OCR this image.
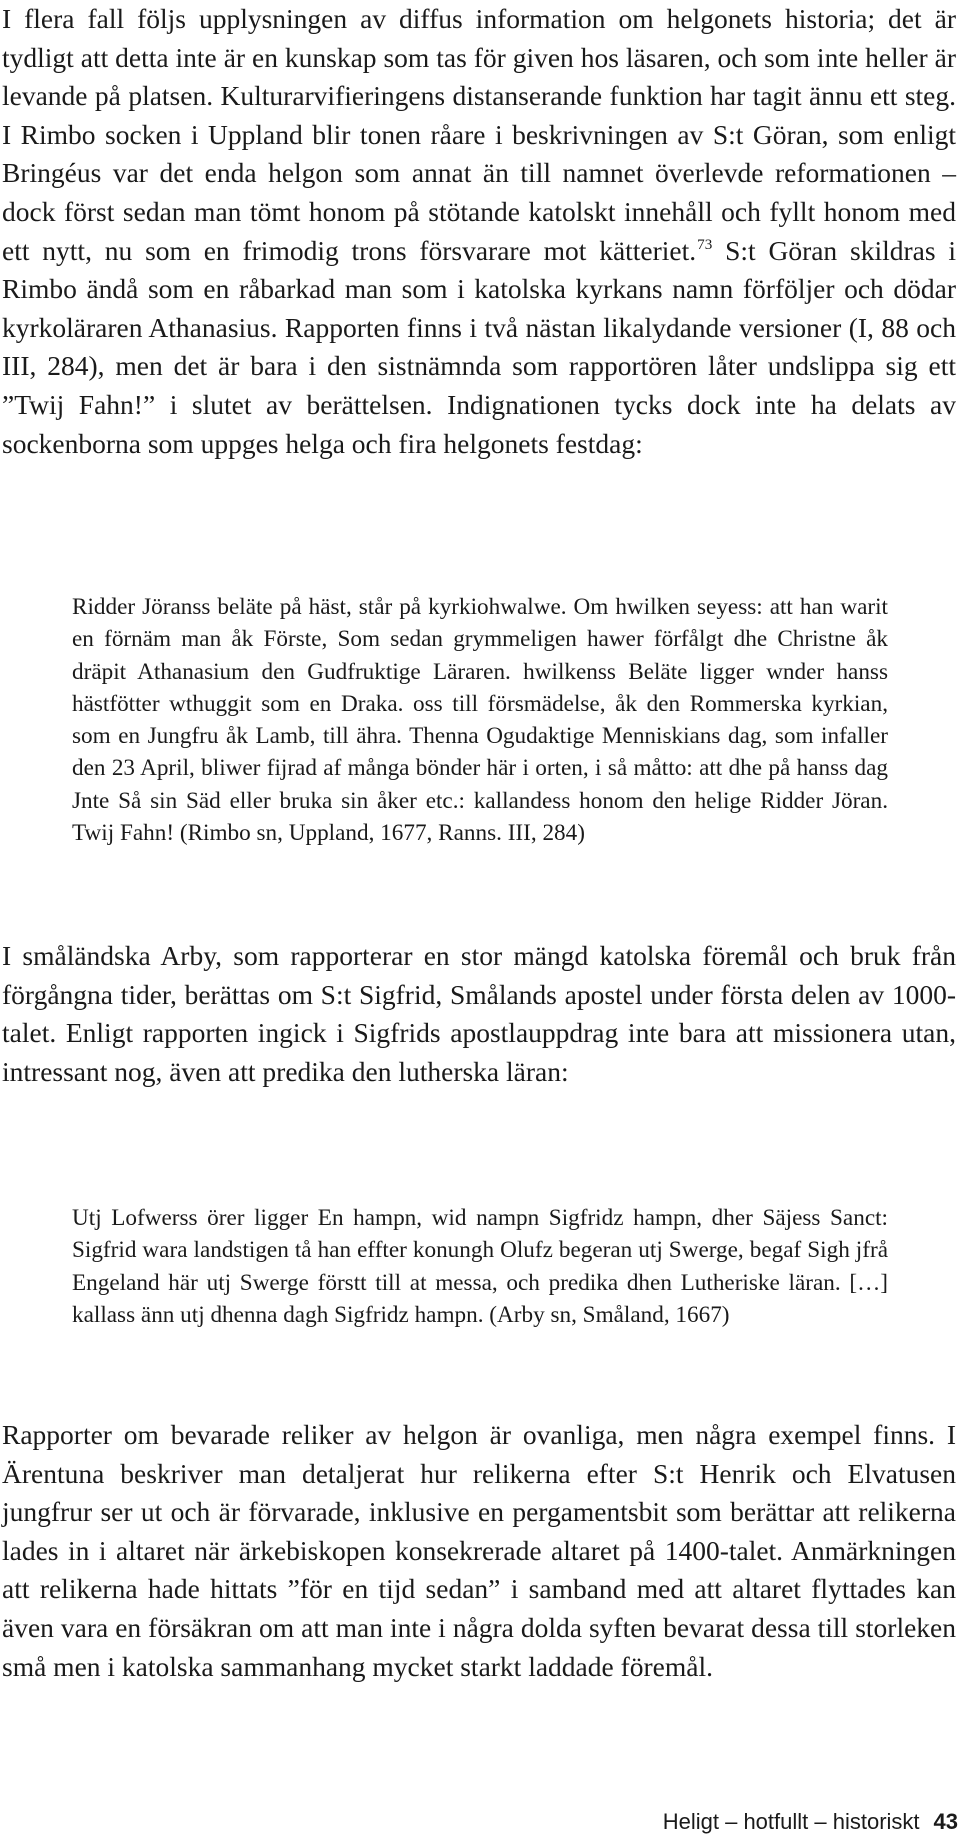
I flera fall följs upplysningen av diffus information om helgonets historia; det är tydligt att detta inte är en kunskap som tas för given hos läsaren, och som inte heller är levande på platsen. Kulturarvifieringens distanserande funktion har tagit ännu ett steg. I Rimbo socken i Uppland blir tonen råare i beskrivningen av S:t Göran, som enligt Bringéus var det enda helgon som annat än till namnet överlevde reformationen – dock först sedan man tömt honom på stötande katolskt innehåll och fyllt honom med ett nytt, nu som en frimodig trons försvarare mot kätteriet.$^{73}$ S:t Göran skildras i Rimbo ändå som en råbarkad man som i katolska kyrkans namn förföljer och dödar kyrkoläraren Athanasius. Rapporten finns i två nästan likalydande versioner (I, 88 och III, 284), men det är bara i den sistnämnda som rapportören låter undslippa sig ett ”Twij Fahn!” i slutet av berättelsen. Indignationen tycks dock inte ha delats av sockenborna som uppges helga och fira helgonets festdag:

Ridder Jöranss beläte på häst, står på kyrkiohwalwe. Om hwilken seyess: att han warit en förnäm man åk Förste, Som sedan grymmeligen hawer förfålgt dhe Christne åk dräpit Athanasium den Gudfruktige Läraren. hwilkenss Beläte ligger wnder hanss hästfötter wthuggit som en Draka. oss till försmädelse, åk den Rommerska kyrkian, som en Jungfru åk Lamb, till ähra. Thenna Ogudaktige Menniskians dag, som infaller den 23 April, bliwer fijrad af många bönder här i orten, i så måtto: att dhe på hanss dag Jnte Så sin Säd eller bruka sin åker etc.: kallandess honom den helige Ridder Jöran. Twij Fahn! (Rimbo sn, Uppland, 1677, Ranns. III, 284)

I småländska Arby, som rapporterar en stor mängd katolska föremål och bruk från förgångna tider, berättas om S:t Sigfrid, Smålands apostel under första delen av 1000-talet. Enligt rapporten ingick i Sigfrids apostlauppdrag inte bara att missionera utan, intressant nog, även att predika den lutherska läran:

Utj Lofwerss örer ligger En hampn, wid nampn Sigfridz hampn, dher Säjess Sanct: Sigfrid wara landstigen tå han effter konungh Olufz begeran utj Swerge, begaf Sigh jfrå Engeland här utj Swerge förstt till at messa, och predika dhen Lutheriske läran. […] kallass änn utj dhenna dagh Sigfridz hampn. (Arby sn, Småland, 1667)

Rapporter om bevarade reliker av helgon är ovanliga, men några exempel finns. I Ärentuna beskriver man detaljerat hur relikerna efter S:t Henrik och Elvatusen jungfrur ser ut och är förvarade, inklusive en pergamentsbit som berättar att relikerna lades in i altaret när ärkebiskopen konsekrerade altaret på 1400-talet. Anmärkningen att relikerna hade hittats ”för en tijd sedan” i samband med att altaret flyttades kan även vara en försäkran om att man inte i några dolda syften bevarat dessa till storleken små men i katolska sammanhang mycket starkt laddade föremål.

Heligt – hotfullt – historiskt 43
